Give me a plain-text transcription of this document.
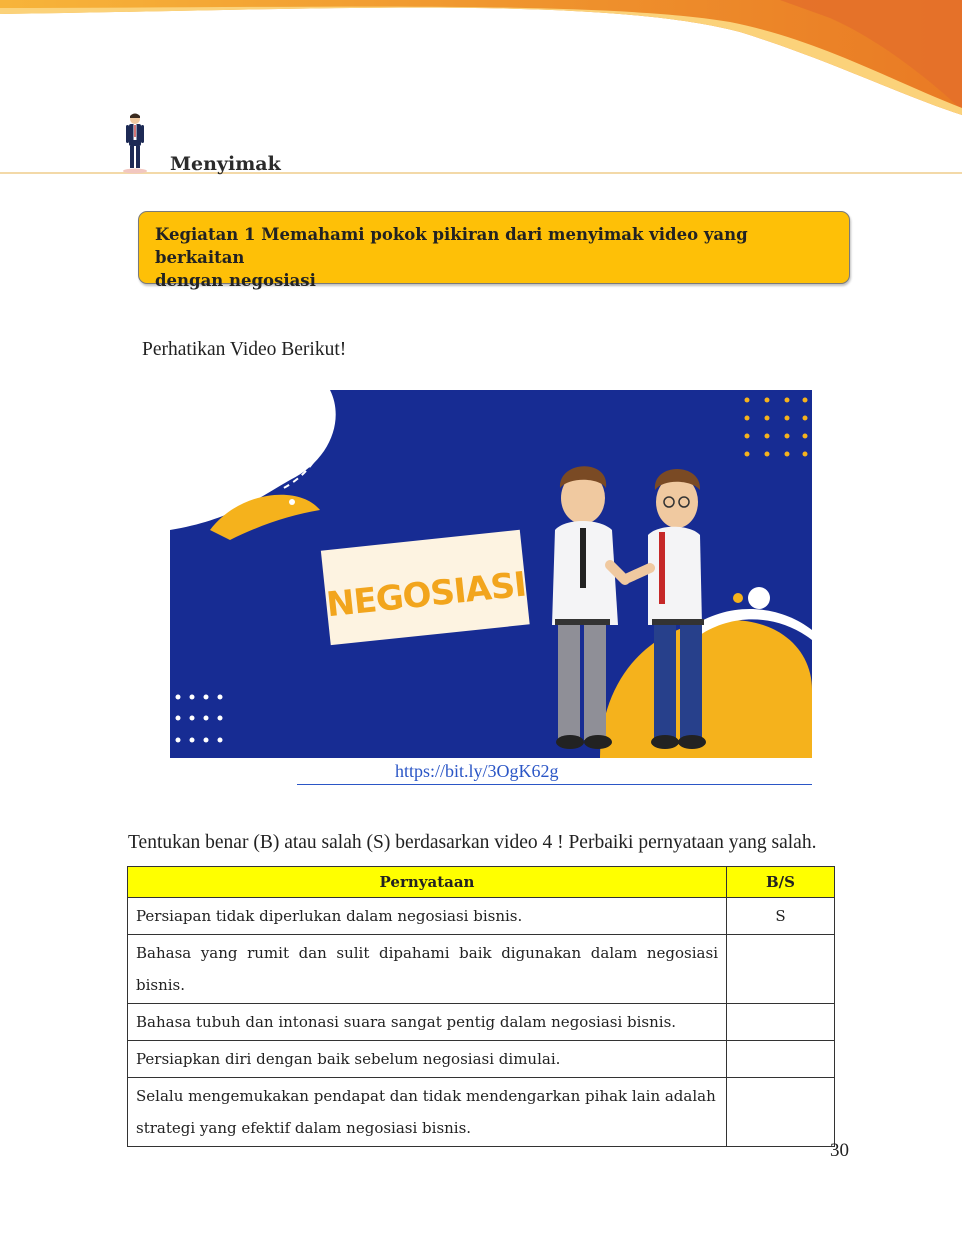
Menyimak
Kegiatan 1 Memahami pokok pikiran dari menyimak video yang berkaitan
dengan negosiasi
Perhatikan Video Berikut!
NEGOSIASI
https://bit.ly/3OgK62g
Tentukan benar (B) atau salah (S) berdasarkan video 4 ! Perbaiki pernyataan yang salah.
Pernyataan	B/S
Persiapan tidak diperlukan dalam negosiasi bisnis.	S
Bahasa yang rumit dan sulit dipahami baik digunakan dalam negosiasi bisnis.	
Bahasa tubuh dan intonasi suara sangat pentig dalam negosiasi bisnis.	
Persiapkan diri dengan baik sebelum negosiasi dimulai.	
Selalu mengemukakan pendapat dan tidak mendengarkan pihak lain adalah strategi yang efektif dalam negosiasi bisnis.	
30
